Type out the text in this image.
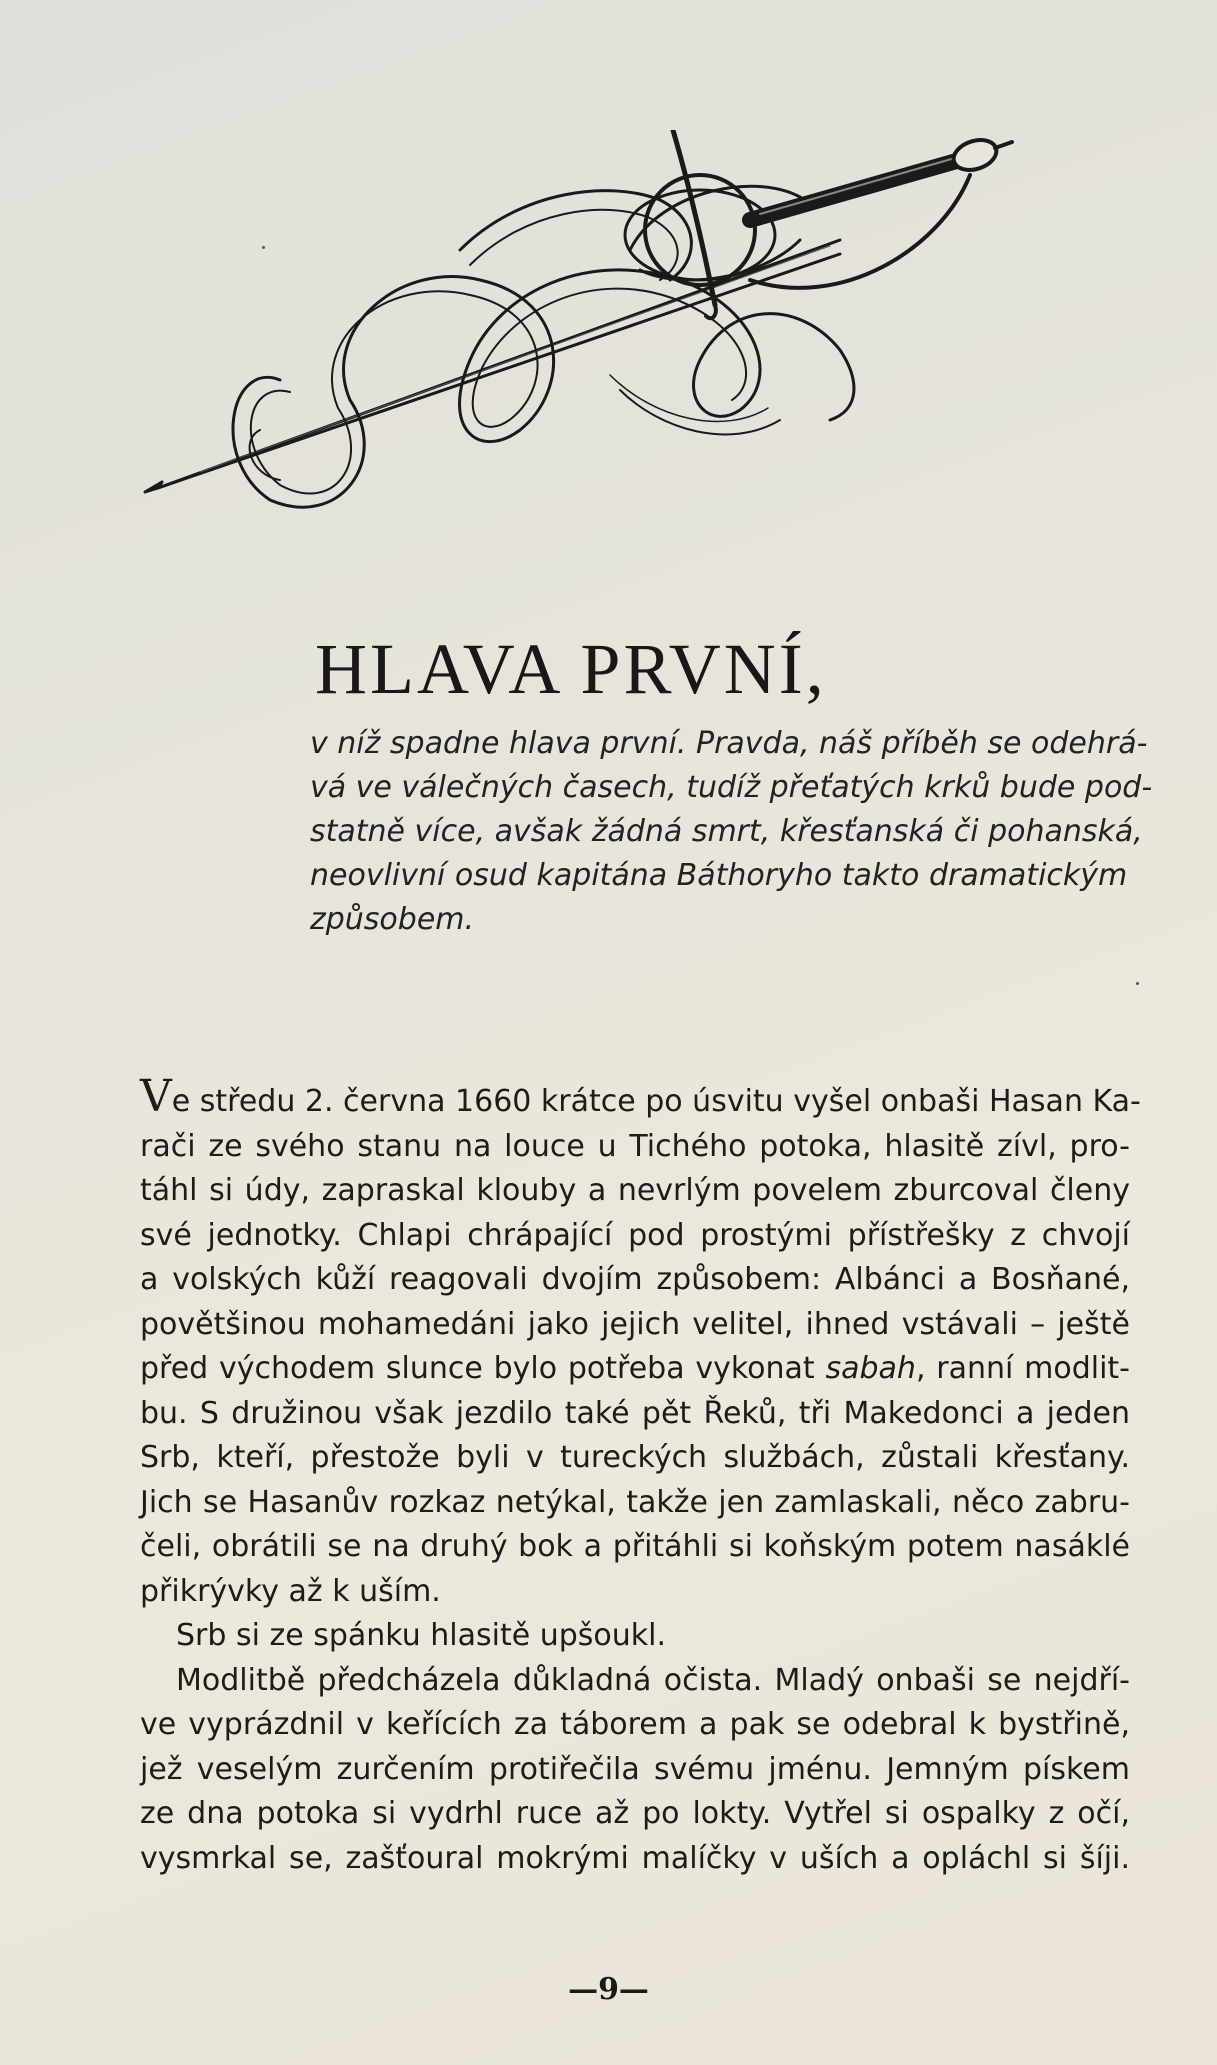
HLAVA PRVNÍ,
v níž spadne hlava první. Pravda, náš příběh se odehrá-
vá ve válečných časech, tudíž přeťatých krků bude pod-
statně více, avšak žádná smrt, křesťanská či pohanská,
neovlivní osud kapitána Báthoryho takto dramatickým
způsobem.
Ve středu 2. června 1660 krátce po úsvitu vyšel onbaši Hasan Ka-
rači ze svého stanu na louce u Tichého potoka, hlasitě zívl, pro-
táhl si údy, zapraskal klouby a nevrlým povelem zburcoval členy
své jednotky. Chlapi chrápající pod prostými přístřešky z chvojí
a volských kůží reagovali dvojím způsobem: Albánci a Bosňané,
povětšinou mohamedáni jako jejich velitel, ihned vstávali – ještě
před východem slunce bylo potřeba vykonat sabah, ranní modlit-
bu. S družinou však jezdilo také pět Řeků, tři Makedonci a jeden
Srb, kteří, přestože byli v tureckých službách, zůstali křesťany.
Jich se Hasanův rozkaz netýkal, takže jen zamlaskali, něco zabru-
čeli, obrátili se na druhý bok a přitáhli si koňským potem nasáklé
přikrývky až k uším.
Srb si ze spánku hlasitě upšoukl.
Modlitbě předcházela důkladná očista. Mladý onbaši se nejdří-
ve vyprázdnil v keřících za táborem a pak se odebral k bystřině,
jež veselým zurčením protiřečila svému jménu. Jemným pískem
ze dna potoka si vydrhl ruce až po lokty. Vytřel si ospalky z očí,
vysmrkal se, zašťoural mokrými malíčky v uších a opláchl si šíji.
—9—
